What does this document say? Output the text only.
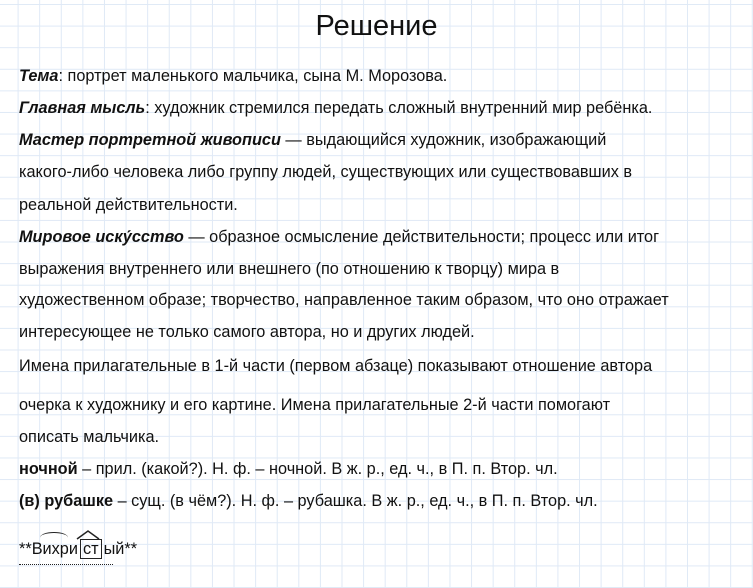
Решение
Тема: портрет маленького мальчика, сына М. Морозова.
Главная мысль: художник стремился передать сложный внутренний мир ребёнка.
Мастер портретной живописи — выдающийся художник, изображающий
какого-либо человека либо группу людей, существующих или существовавших в
реальной действительности.
Мировое иску́сство — образное осмысление действительности; процесс или итог
выражения внутреннего или внешнего (по отношению к творцу) мира в
художественном образе; творчество, направленное таким образом, что оно отражает
интересующее не только самого автора, но и других людей.
Имена прилагательные в 1-й части (первом абзаце) показывают отношение автора
очерка к художнику и его картине. Имена прилагательные 2-й части помогают
описать мальчика.
ночной – прил. (какой?). Н. ф. – ночной. В ж. р., ед. ч., в П. п. Втор. чл.
(в) рубашке – сущ. (в чём?). Н. ф. – рубашка. В ж. р., ед. ч., в П. п. Втор. чл.
**Вихри ст ый**
